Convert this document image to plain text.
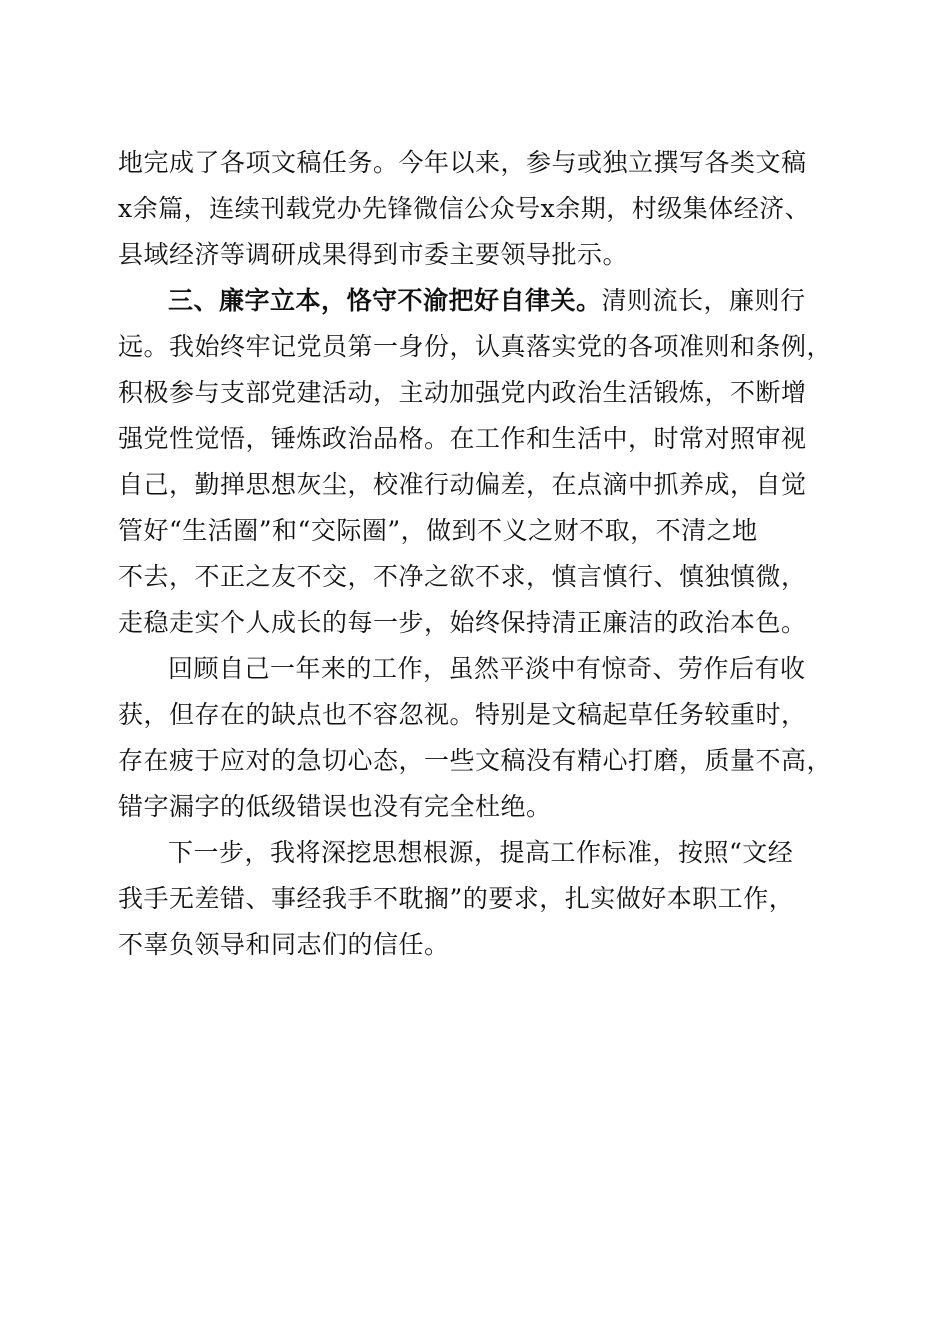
地完成了各项文稿任务。今年以来，参与或独立撰写各类文稿
x余篇，连续刊载党办先锋微信公众号x余期，村级集体经济、
县域经济等调研成果得到市委主要领导批示。
三、廉字立本，恪守不渝把好自律关。清则流长，廉则行
远。我始终牢记党员第一身份，认真落实党的各项准则和条例，
积极参与支部党建活动，主动加强党内政治生活锻炼，不断增
强党性觉悟，锤炼政治品格。在工作和生活中，时常对照审视
自己，勤掸思想灰尘，校准行动偏差，在点滴中抓养成，自觉
管好“生活圈”和“交际圈”，做到不义之财不取，不清之地
不去，不正之友不交，不净之欲不求，慎言慎行、慎独慎微，
走稳走实个人成长的每一步，始终保持清正廉洁的政治本色。
回顾自己一年来的工作，虽然平淡中有惊奇、劳作后有收
获，但存在的缺点也不容忽视。特别是文稿起草任务较重时，
存在疲于应对的急切心态，一些文稿没有精心打磨，质量不高，
错字漏字的低级错误也没有完全杜绝。
下一步，我将深挖思想根源，提高工作标准，按照“文经
我手无差错、事经我手不耽搁”的要求，扎实做好本职工作，
不辜负领导和同志们的信任。
